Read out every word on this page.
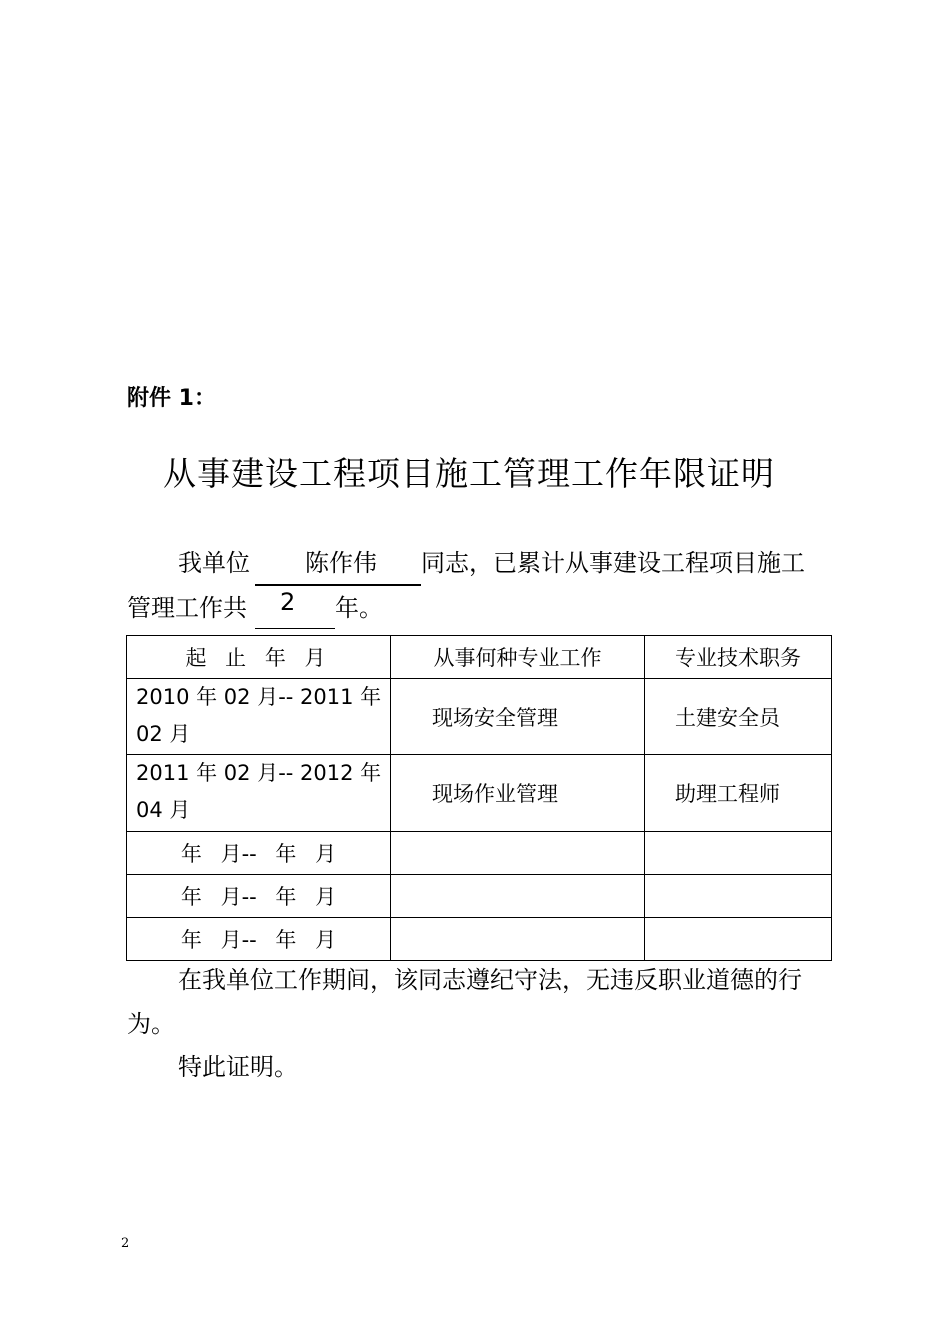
附件 1：
从事建设工程项目施工管理工作年限证明
我单位 陈作伟 同志，已累计从事建设工程项目施工
管理工作共 2 年。
起 止 年 月	从事何种专业工作	专业技术职务
2010 年 02 月-- 2011 年 02 月	现场安全管理	土建安全员
2011 年 02 月-- 2012 年 04 月	现场作业管理	助理工程师
年 月-- 年 月		
年 月-- 年 月		
年 月-- 年 月		
在我单位工作期间，该同志遵纪守法，无违反职业道德的行
为。
特此证明。
2
